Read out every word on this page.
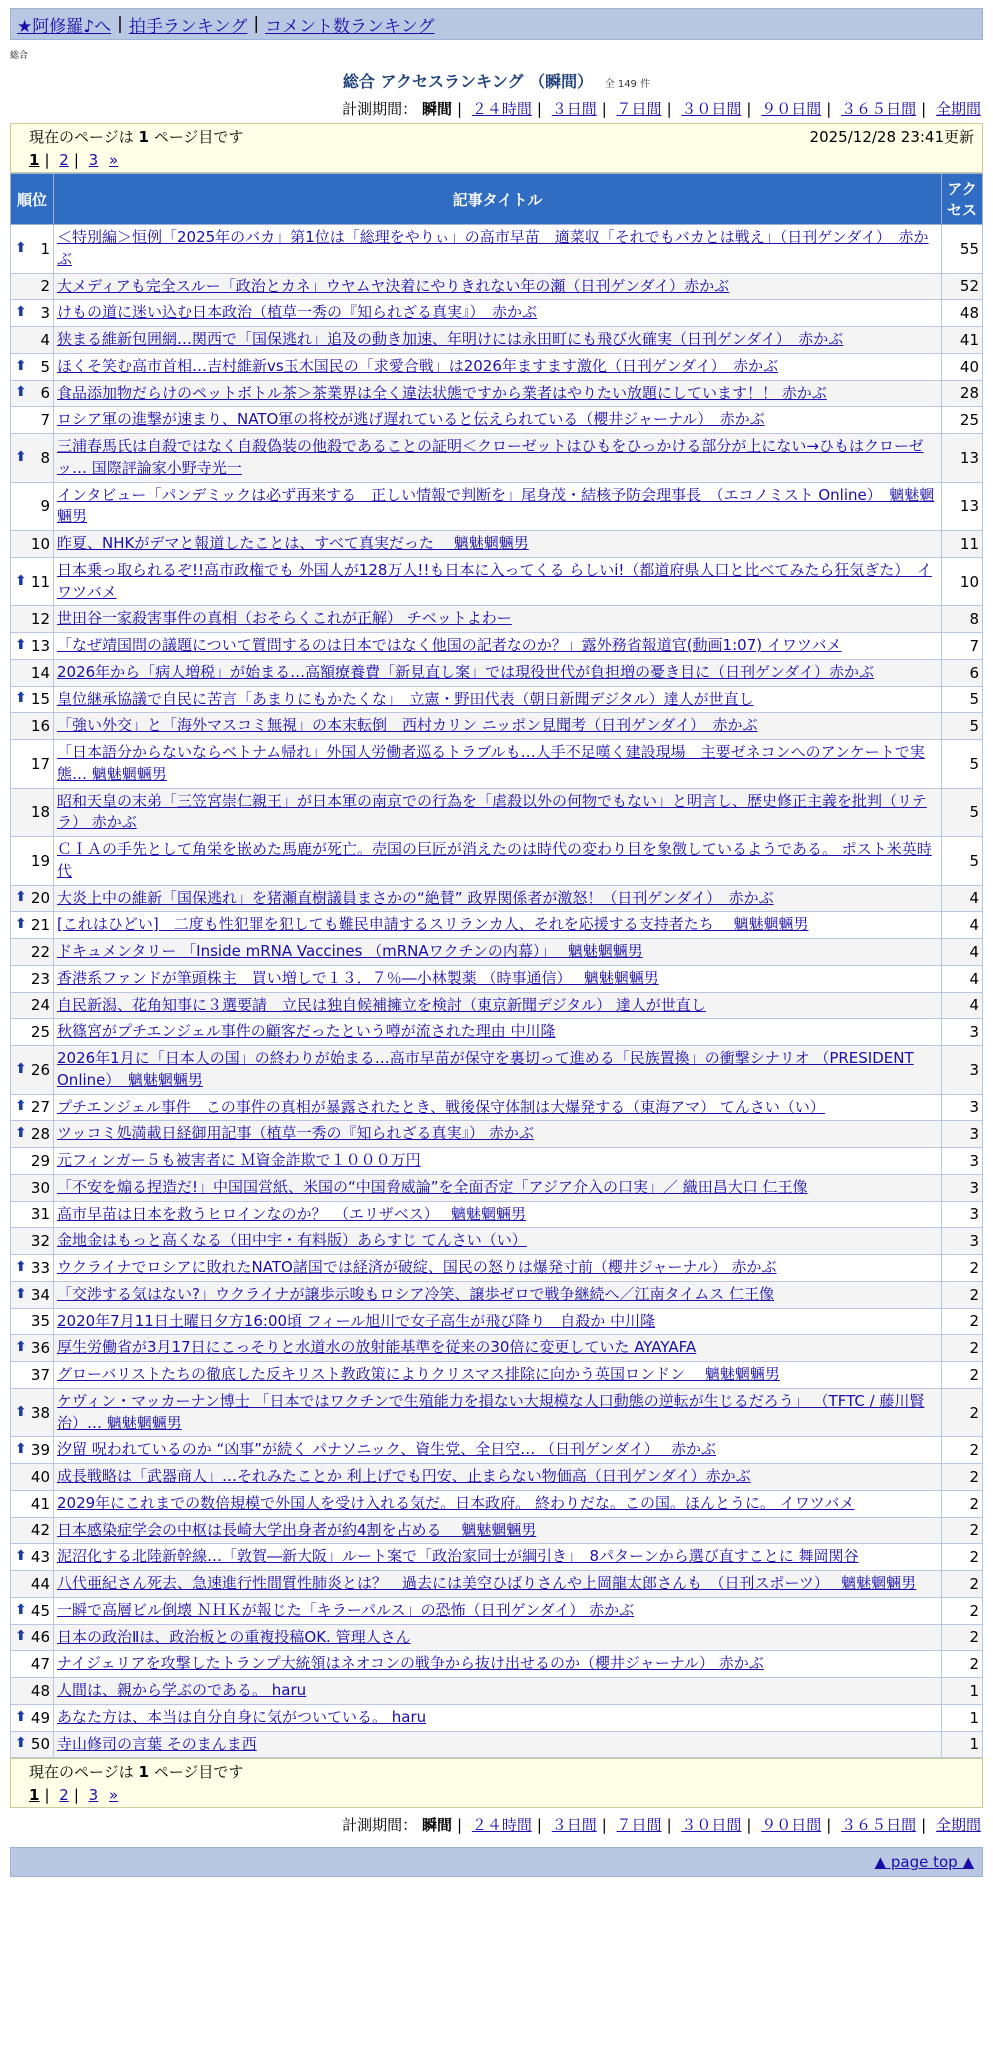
★阿修羅♪へ | 拍手ランキング | コメント数ランキング
総合
総合 アクセスランキング （瞬間） 全 149 件
計測期間： 瞬間 | ２４時間 | ３日間 | ７日間 | ３０日間 | ９０日間 | ３６５日間 | 全期間
現在のページは 1 ページ目です	2025/12/28 23:41更新
1 | 2 | 3 »
順位	記事タイトル	アクセス

⬆ 1	＜特別編＞恒例「2025年のバカ」第1位は「総理をやりぃ」の高市早苗　適菜収「それでもバカとは戦え」（日刊ゲンダイ）　赤かぶ	55
2	大メディアも完全スルー「政治とカネ」ウヤムヤ決着にやりきれない年の瀬（日刊ゲンダイ）赤かぶ	52

⬆ 3	けもの道に迷い込む日本政治（植草一秀の『知られざる真実』）　赤かぶ	48
4	狭まる維新包囲網…関西で「国保逃れ」追及の動き加速、年明けには永田町にも飛び火確実（日刊ゲンダイ）　赤かぶ	41

⬆ 5	ほくそ笑む高市首相…吉村維新vs玉木国民の「求愛合戦」は2026年ますます激化（日刊ゲンダイ）　赤かぶ	40

⬆ 6	食品添加物だらけのペットボトル茶＞茶業界は全く違法状態ですから業者はやりたい放題にしています！！ 赤かぶ	28
7	ロシア軍の進撃が速まり、NATO軍の将校が逃げ遅れていると伝えられている（櫻井ジャーナル）　赤かぶ	25

⬆ 8	三浦春馬氏は自殺ではなく自殺偽装の他殺であることの証明＜クローゼットはひもをひっかける部分が上にない→ひもはクローゼッ… 国際評論家小野寺光一	13
9	インタビュー「パンデミックは必ず再来する　正しい情報で判断を」尾身茂・結核予防会理事長　（エコノミスト Online）　魑魅魍魎男	13
10	昨夏、NHKがデマと報道したことは、すべて真実だった　 魑魅魍魎男	11

⬆ 11	日本乗っ取られるぞ!!高市政権でも 外国人が128万人!!も日本に入ってくる らしいi!（都道府県人口と比べてみたら狂気ぎた）　イワツバメ	10
12	世田谷一家殺害事件の真相（おそらくこれが正解） チベットよわー	8

⬆ 13	「なぜ靖国問の議題について質問するのは日本ではなく他国の記者なのか？」露外務省報道官(動画1:07) イワツバメ	7
14	2026年から「病人増税」が始まる…高額療養費「新見直し案」では現役世代が負担増の憂き目に（日刊ゲンダイ）赤かぶ	6

⬆ 15	皇位継承協議で自民に苦言「あまりにもかたくな」　立憲・野田代表（朝日新聞デジタル）達人が世直し	5
16	「強い外交」と「海外マスコミ無視」の本末転倒　西村カリン ニッポン見聞考（日刊ゲンダイ）　赤かぶ	5
17	「日本語分からないならベトナム帰れ」外国人労働者巡るトラブルも…人手不足嘆く建設現場　主要ゼネコンへのアンケートで実態… 魑魅魍魎男	5
18	昭和天皇の末弟「三笠宮崇仁親王」が日本軍の南京での行為を「虐殺以外の何物でもない」と明言し、歴史修正主義を批判（リテラ） 赤かぶ	5
19	ＣＩＡの手先として角栄を嵌めた馬鹿が死亡。売国の巨匠が消えたのは時代の変わり目を象徴しているようである。 ポスト米英時代	5

⬆ 20	大炎上中の維新「国保逃れ」を猪瀬直樹議員まさかの“絶賛” 政界関係者が激怒！（日刊ゲンダイ）　赤かぶ	4

⬆ 21	[これはひどい]　二度も性犯罪を犯しても難民申請するスリランカ人、それを応援する支持者たち　 魑魅魍魎男	4
22	ドキュメンタリー 「Inside mRNA Vaccines （mRNAワクチンの内幕）」　 魑魅魍魎男	4
23	香港系ファンドが筆頭株主　買い増しで１３．７％―小林製薬 （時事通信）　 魑魅魍魎男	4
24	自民新潟、花角知事に３選要請　立民は独自候補擁立を検討（東京新聞デジタル） 達人が世直し	4
25	秋篠宮がプチエンジェル事件の顧客だったという噂が流された理由 中川隆	3

⬆ 26	2026年1月に「日本人の国」の終わりが始まる…高市早苗が保守を裏切って進める「民族置換」の衝撃シナリオ （PRESIDENT Online）　魑魅魍魎男	3

⬆ 27	プチエンジェル事件　この事件の真相が暴露されたとき、戦後保守体制は大爆発する（東海アマ） てんさい（い）	3

⬆ 28	ツッコミ処満載日経御用記事（植草一秀の『知られざる真実』） 赤かぶ	3
29	元フィンガー５も被害者に Ｍ資金詐欺で１０００万円	3
30	「不安を煽る捏造だ!」中国国営紙、米国の“中国脅威論”を全面否定「アジア介入の口実」／ 織田昌大口 仁王像	3
31	高市早苗は日本を救うヒロインなのか？　（エリザベス）　 魑魅魍魎男	3
32	金地金はもっと高くなる（田中宇・有料版）あらすじ てんさい（い）	3

⬆ 33	ウクライナでロシアに敗れたNATO諸国では経済が破綻、国民の怒りは爆発寸前（櫻井ジャーナル） 赤かぶ	2

⬆ 34	「交渉する気はない?」ウクライナが譲歩示唆もロシア冷笑、譲歩ゼロで戦争継続へ／江南タイムス 仁王像	2
35	2020年7月11日土曜日夕方16:00頃 フィール旭川で女子高生が飛び降り　自殺か 中川隆	2

⬆ 36	厚生労働省が3月17日にこっそりと水道水の放射能基準を従来の30倍に変更していた AYAYAFA	2
37	グローバリストたちの徹底した反キリスト教政策によりクリスマス排除に向かう英国ロンドン　 魑魅魍魎男	2

⬆ 38	ケヴィン・マッカーナン博士 「日本ではワクチンで生殖能力を損ない大規模な人口動態の逆転が生じるだろう」 （TFTC / 藤川賢治）… 魑魅魍魎男	2

⬆ 39	汐留 呪われているのか “凶事”が続く パナソニック、資生党、全日空… （日刊ゲンダイ）　 赤かぶ	2
40	成長戦略は「武器商人」…それみたことか 利上げでも円安、止まらない物価高（日刊ゲンダイ）赤かぶ	2
41	2029年にこれまでの数倍規模で外国人を受け入れる気だ。日本政府。 終わりだな。この国。ほんとうに。 イワツバメ	2
42	日本感染症学会の中枢は長崎大学出身者が約4割を占める　 魑魅魍魎男	2

⬆ 43	泥沼化する北陸新幹線…「敦賀―新大阪」ルート案で「政治家同士が綱引き」　8パターンから選び直すことに 舞岡関谷	2
44	八代亜紀さん死去、急速進行性間質性肺炎とは？　過去には美空ひばりさんや上岡龍太郎さんも　（日刊スポーツ）　 魑魅魍魎男	2

⬆ 45	一瞬で高層ビル倒壊 ＮＨＫが報じた「キラーパルス」の恐怖（日刊ゲンダイ） 赤かぶ	2

⬆ 46	日本の政治Ⅱは、政治板との重複投稿OK. 管理人さん	2
47	ナイジェリアを攻撃したトランプ大統領はネオコンの戦争から抜け出せるのか（櫻井ジャーナル） 赤かぶ	2
48	人間は、親から学ぶのである。 haru	1

⬆ 49	あなた方は、本当は自分自身に気がついている。 haru	1

⬆ 50	寺山修司の言葉 そのまんま西	1
現在のページは 1 ページ目です
1 | 2 | 3 »
計測期間： 瞬間 | ２４時間 | ３日間 | ７日間 | ３０日間 | ９０日間 | ３６５日間 | 全期間
▲ page top ▲
